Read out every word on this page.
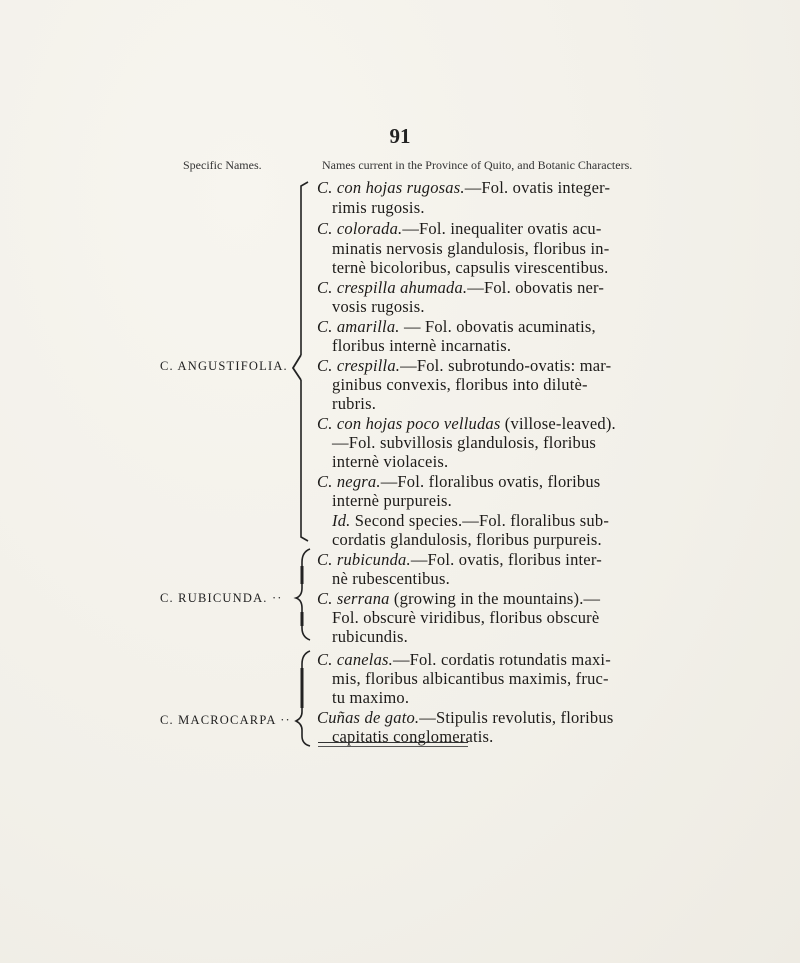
91
Specific Names.	Names current in the Province of Quito, and Botanic Characters.
C. ANGUSTIFOLIA.
C. RUBICUNDA. ··
C. MACROCARPA ··
C. con hojas rugosas.—Fol. ovatis integer-
rimis rugosis.
C. colorada.—Fol. inequaliter ovatis acu-
minatis nervosis glandulosis, floribus in-
ternè bicoloribus, capsulis virescentibus.
C. crespilla ahumada.—Fol. obovatis ner-
vosis rugosis.
C. amarilla. — Fol. obovatis acuminatis,
floribus internè incarnatis.
C. crespilla.—Fol. subrotundo-ovatis: mar-
ginibus convexis, floribus into dilutè-
rubris.
C. con hojas poco velludas (villose-leaved).
—Fol. subvillosis glandulosis, floribus
internè violaceis.
C. negra.—Fol. floralibus ovatis, floribus
internè purpureis.
Id. Second species.—Fol. floralibus sub-
cordatis glandulosis, floribus purpureis.
C. rubicunda.—Fol. ovatis, floribus inter-
nè rubescentibus.
C. serrana (growing in the mountains).—
Fol. obscurè viridibus, floribus obscurè
rubicundis.
C. canelas.—Fol. cordatis rotundatis maxi-
mis, floribus albicantibus maximis, fruc-
tu maximo.
Cuñas de gato.—Stipulis revolutis, floribus
capitatis conglomeratis.
